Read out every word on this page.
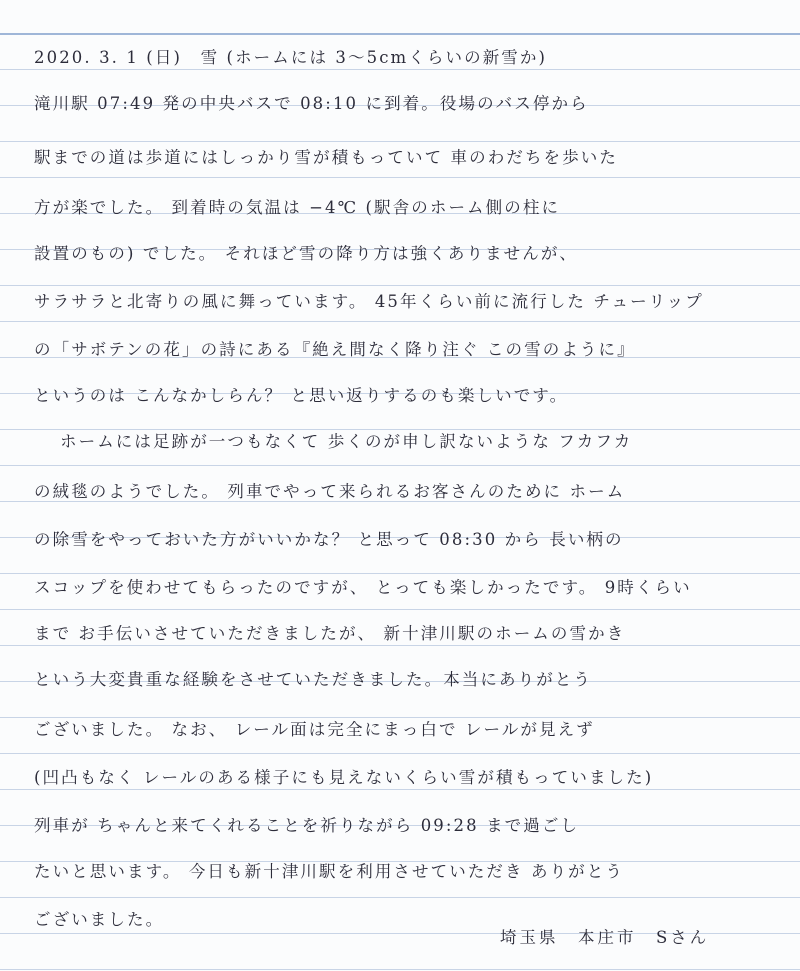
2020. 3. 1 (日)　雪 (ホームには 3～5cmくらいの新雪か)
滝川駅 07:49 発の中央バスで 08:10 に到着。役場のバス停から
駅までの道は歩道にはしっかり雪が積もっていて 車のわだちを歩いた
方が楽でした。 到着時の気温は −4℃ (駅舎のホーム側の柱に
設置のもの) でした。 それほど雪の降り方は強くありませんが、
サラサラと北寄りの風に舞っています。 45年くらい前に流行した チューリップ
の「サボテンの花」の詩にある『絶え間なく降り注ぐ この雪のように』
というのは こんなかしらん？ と思い返りするのも楽しいです。
ホームには足跡が一つもなくて 歩くのが申し訳ないような フカフカ
の絨毯のようでした。 列車でやって来られるお客さんのために ホーム
の除雪をやっておいた方がいいかな？ と思って 08:30 から 長い柄の
スコップを使わせてもらったのですが、 とっても楽しかったです。 9時くらい
まで お手伝いさせていただきましたが、 新十津川駅のホームの雪かき
という大変貴重な経験をさせていただきました。本当にありがとう
ございました。 なお、 レール面は完全にまっ白で レールが見えず
(凹凸もなく レールのある様子にも見えないくらい雪が積もっていました)
列車が ちゃんと来てくれることを祈りながら 09:28 まで過ごし
たいと思います。 今日も新十津川駅を利用させていただき ありがとう
ございました。
埼玉県　本庄市　Sさん
